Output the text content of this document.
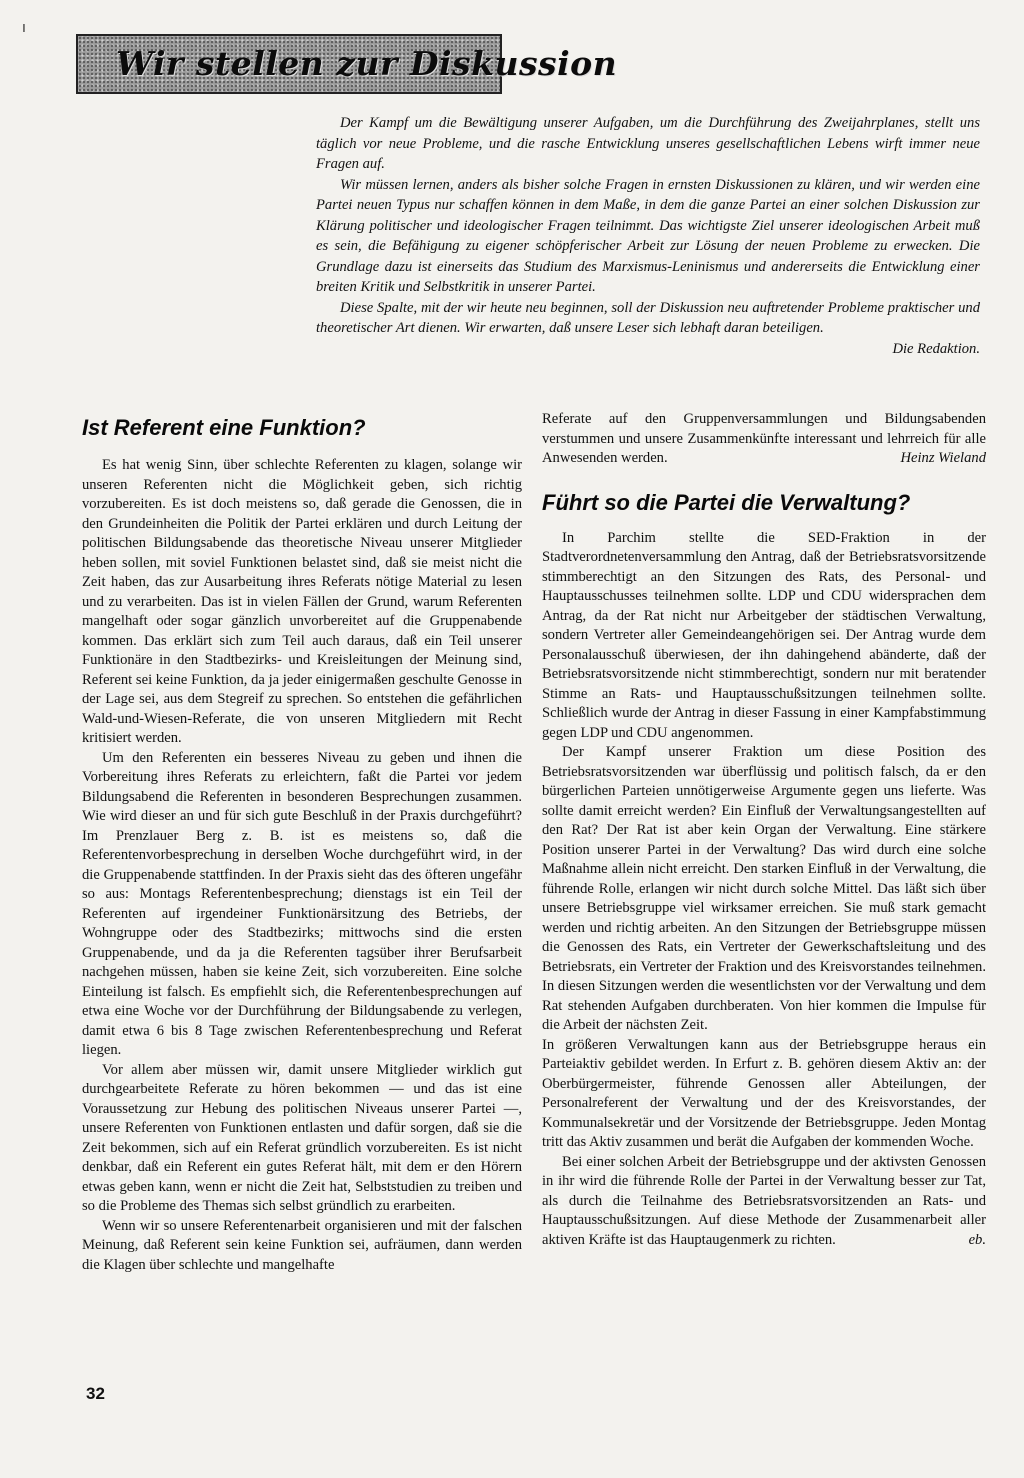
ı
Wir stellen zur Diskussion

Der Kampf um die Bewältigung unserer Aufgaben, um die Durchführung des Zweijahrplanes, stellt uns täglich vor neue Probleme, und die rasche Entwicklung unseres gesellschaftlichen Lebens wirft immer neue Fragen auf.

Wir müssen lernen, anders als bisher solche Fragen in ernsten Diskussionen zu klären, und wir werden eine Partei neuen Typus nur schaffen können in dem Maße, in dem die ganze Partei an einer solchen Diskussion zur Klärung politischer und ideologischer Fragen teilnimmt. Das wichtigste Ziel unserer ideologischen Arbeit muß es sein, die Befähigung zu eigener schöpferischer Arbeit zur Lösung der neuen Probleme zu erwecken. Die Grundlage dazu ist einerseits das Studium des Marxismus-Leninismus und andererseits die Entwicklung einer breiten Kritik und Selbstkritik in unserer Partei.

Diese Spalte, mit der wir heute neu beginnen, soll der Diskussion neu auftretender Probleme praktischer und theoretischer Art dienen. Wir erwarten, daß unsere Leser sich lebhaft daran beteiligen.

Die Redaktion.

Ist Referent eine Funktion?

Es hat wenig Sinn, über schlechte Referenten zu klagen, solange wir unseren Referenten nicht die Möglichkeit geben, sich richtig vorzubereiten. Es ist doch meistens so, daß gerade die Genossen, die in den Grundeinheiten die Politik der Partei erklären und durch Leitung der politischen Bildungsabende das theoretische Niveau unserer Mitglieder heben sollen, mit soviel Funktionen belastet sind, daß sie meist nicht die Zeit haben, das zur Ausarbeitung ihres Referats nötige Material zu lesen und zu verarbeiten. Das ist in vielen Fällen der Grund, warum Referenten mangelhaft oder sogar gänzlich unvorbereitet auf die Gruppenabende kommen. Das erklärt sich zum Teil auch daraus, daß ein Teil unserer Funktionäre in den Stadtbezirks- und Kreisleitungen der Meinung sind, Referent sei keine Funktion, da ja jeder einigermaßen geschulte Genosse in der Lage sei, aus dem Stegreif zu sprechen. So entstehen die gefährlichen Wald-und-Wiesen-Referate, die von unseren Mitgliedern mit Recht kritisiert werden.

Um den Referenten ein besseres Niveau zu geben und ihnen die Vorbereitung ihres Referats zu erleichtern, faßt die Partei vor jedem Bildungsabend die Referenten in besonderen Besprechungen zusammen. Wie wird dieser an und für sich gute Beschluß in der Praxis durchgeführt? Im Prenzlauer Berg z. B. ist es meistens so, daß die Referentenvorbesprechung in derselben Woche durchgeführt wird, in der die Gruppenabende stattfinden. In der Praxis sieht das des öfteren ungefähr so aus: Montags Referentenbesprechung; dienstags ist ein Teil der Referenten auf irgendeiner Funktionärsitzung des Betriebs, der Wohngruppe oder des Stadtbezirks; mittwochs sind die ersten Gruppenabende, und da ja die Referenten tagsüber ihrer Berufsarbeit nachgehen müssen, haben sie keine Zeit, sich vorzubereiten. Eine solche Einteilung ist falsch. Es empfiehlt sich, die Referentenbesprechungen auf etwa eine Woche vor der Durchführung der Bildungsabende zu verlegen, damit etwa 6 bis 8 Tage zwischen Referentenbesprechung und Referat liegen.

Vor allem aber müssen wir, damit unsere Mitglieder wirklich gut durchgearbeitete Referate zu hören bekommen — und das ist eine Voraussetzung zur Hebung des politischen Niveaus unserer Partei —, unsere Referenten von Funktionen entlasten und dafür sorgen, daß sie die Zeit bekommen, sich auf ein Referat gründlich vorzubereiten. Es ist nicht denkbar, daß ein Referent ein gutes Referat hält, mit dem er den Hörern etwas geben kann, wenn er nicht die Zeit hat, Selbststudien zu treiben und so die Probleme des Themas sich selbst gründlich zu erarbeiten.

Wenn wir so unsere Referentenarbeit organisieren und mit der falschen Meinung, daß Referent sein keine Funktion sei, aufräumen, dann werden die Klagen über schlechte und mangelhafte

Referate auf den Gruppenversammlungen und Bildungsabenden verstummen und unsere Zusammenkünfte interessant und lehrreich für alle Anwesenden werden.	Heinz Wieland

Führt so die Partei die Verwaltung?

In Parchim stellte die SED-Fraktion in der Stadtverordnetenversammlung den Antrag, daß der Betriebsratsvorsitzende stimmberechtigt an den Sitzungen des Rats, des Personal- und Hauptausschusses teilnehmen sollte. LDP und CDU widersprachen dem Antrag, da der Rat nicht nur Arbeitgeber der städtischen Verwaltung, sondern Vertreter aller Gemeindeangehörigen sei. Der Antrag wurde dem Personalausschuß überwiesen, der ihn dahingehend abänderte, daß der Betriebsratsvorsitzende nicht stimmberechtigt, sondern nur mit beratender Stimme an Rats- und Hauptausschußsitzungen teilnehmen sollte. Schließlich wurde der Antrag in dieser Fassung in einer Kampfabstimmung gegen LDP und CDU angenommen.

Der Kampf unserer Fraktion um diese Position des Betriebsratsvorsitzenden war überflüssig und politisch falsch, da er den bürgerlichen Parteien unnötigerweise Argumente gegen uns lieferte. Was sollte damit erreicht werden? Ein Einfluß der Verwaltungsangestellten auf den Rat? Der Rat ist aber kein Organ der Verwaltung. Eine stärkere Position unserer Partei in der Verwaltung? Das wird durch eine solche Maßnahme allein nicht erreicht. Den starken Einfluß in der Verwaltung, die führende Rolle, erlangen wir nicht durch solche Mittel. Das läßt sich über unsere Betriebsgruppe viel wirksamer erreichen. Sie muß stark gemacht werden und richtig arbeiten. An den Sitzungen der Betriebsgruppe müssen die Genossen des Rats, ein Vertreter der Gewerkschaftsleitung und des Betriebsrats, ein Vertreter der Fraktion und des Kreisvorstandes teilnehmen. In diesen Sitzungen werden die wesentlichsten vor der Verwaltung und dem Rat stehenden Aufgaben durchberaten. Von hier kommen die Impulse für die Arbeit der nächsten Zeit.

In größeren Verwaltungen kann aus der Betriebsgruppe heraus ein Parteiaktiv gebildet werden. In Erfurt z. B. gehören diesem Aktiv an: der Oberbürgermeister, führende Genossen aller Abteilungen, der Personalreferent der Verwaltung und der des Kreisvorstandes, der Kommunalsekretär und der Vorsitzende der Betriebsgruppe. Jeden Montag tritt das Aktiv zusammen und berät die Aufgaben der kommenden Woche.

Bei einer solchen Arbeit der Betriebsgruppe und der aktivsten Genossen in ihr wird die führende Rolle der Partei in der Verwaltung besser zur Tat, als durch die Teilnahme des Betriebsratsvorsitzenden an Rats- und Hauptausschußsitzungen. Auf diese Methode der Zusammenarbeit aller aktiven Kräfte ist das Hauptaugenmerk zu richten.	eb.

32
